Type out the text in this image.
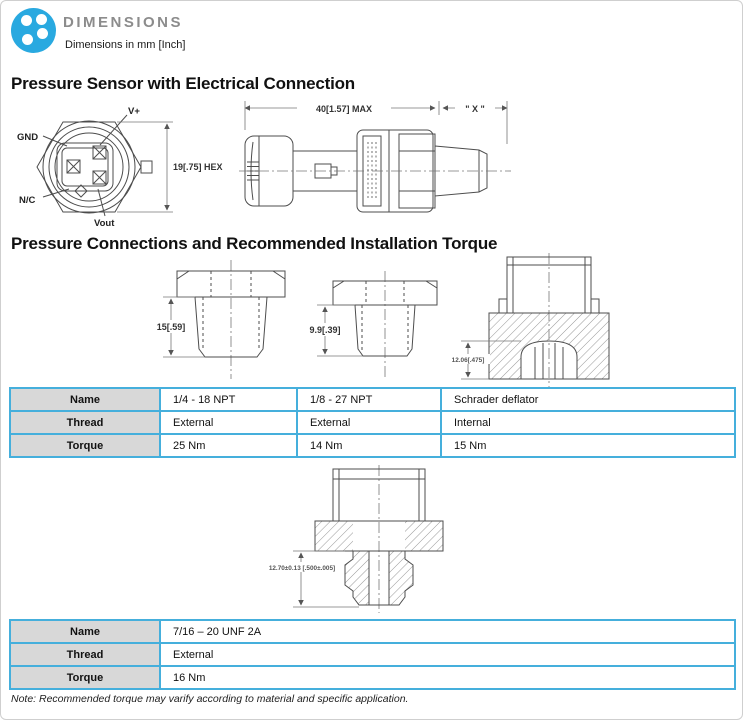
DIMENSIONS
Dimensions in mm [Inch]
Pressure Sensor with Electrical Connection
GND
V+
N/C
Vout
19[.75] HEX
40[1.57] MAX	" X "
Pressure Connections and Recommended Installation Torque
15[.59]	9.9[.39]
12.06[.475]
Name	1/4 - 18 NPT	1/8 - 27 NPT	Schrader deflator
Thread	External	External	Internal
Torque	25 Nm	14 Nm	15 Nm
12.70±0.13 [.500±.005]
Name	7/16 – 20 UNF 2A
Thread	External
Torque	16 Nm
Note: Recommended torque may varify according to material and specific application.
